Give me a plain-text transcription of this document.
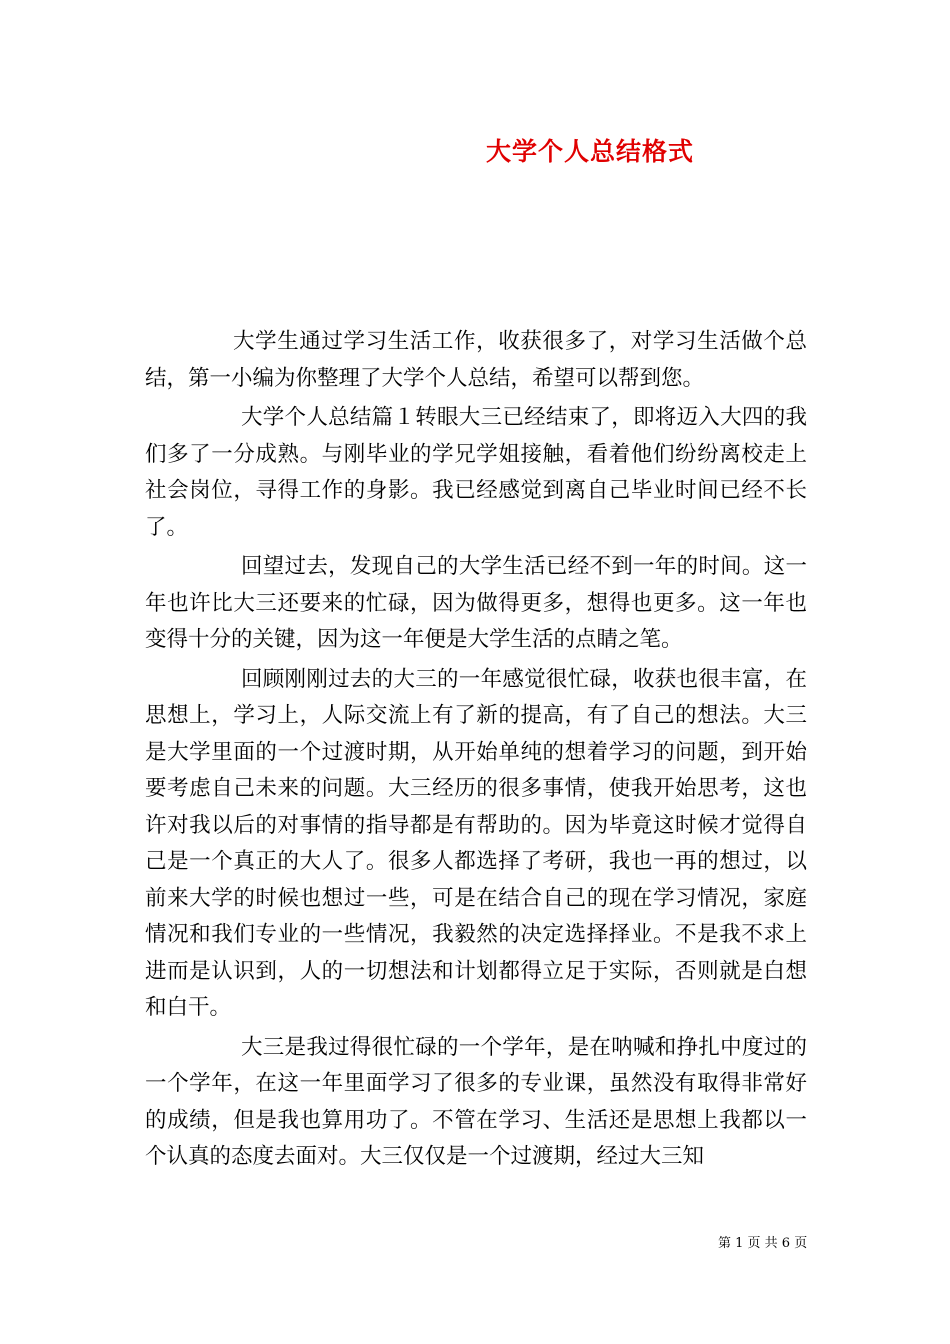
大学个人总结格式

大学生通过学习生活工作，收获很多了，对学习生活做个总结，第一小编为你整理了大学个人总结，希望可以帮到您。

大学个人总结篇１转眼大三已经结束了，即将迈入大四的我们多了一分成熟。与刚毕业的学兄学姐接触，看着他们纷纷离校走上社会岗位，寻得工作的身影。我已经感觉到离自己毕业时间已经不长了。

回望过去，发现自己的大学生活已经不到一年的时间。这一年也许比大三还要来的忙碌，因为做得更多，想得也更多。这一年也变得十分的关键，因为这一年便是大学生活的点睛之笔。

回顾刚刚过去的大三的一年感觉很忙碌，收获也很丰富，在思想上，学习上，人际交流上有了新的提高，有了自己的想法。大三是大学里面的一个过渡时期，从开始单纯的想着学习的问题，到开始要考虑自己未来的问题。大三经历的很多事情，使我开始思考，这也许对我以后的对事情的指导都是有帮助的。因为毕竟这时候才觉得自己是一个真正的大人了。很多人都选择了考研，我也一再的想过，以前来大学的时候也想过一些，可是在结合自己的现在学习情况，家庭情况和我们专业的一些情况，我毅然的决定选择择业。不是我不求上进而是认识到，人的一切想法和计划都得立足于实际，否则就是白想和白干。

大三是我过得很忙碌的一个学年，是在呐喊和挣扎中度过的一个学年，在这一年里面学习了很多的专业课，虽然没有取得非常好的成绩，但是我也算用功了。不管在学习、生活还是思想上我都以一个认真的态度去面对。大三仅仅是一个过渡期，经过大三知

第 1 页 共 6 页
